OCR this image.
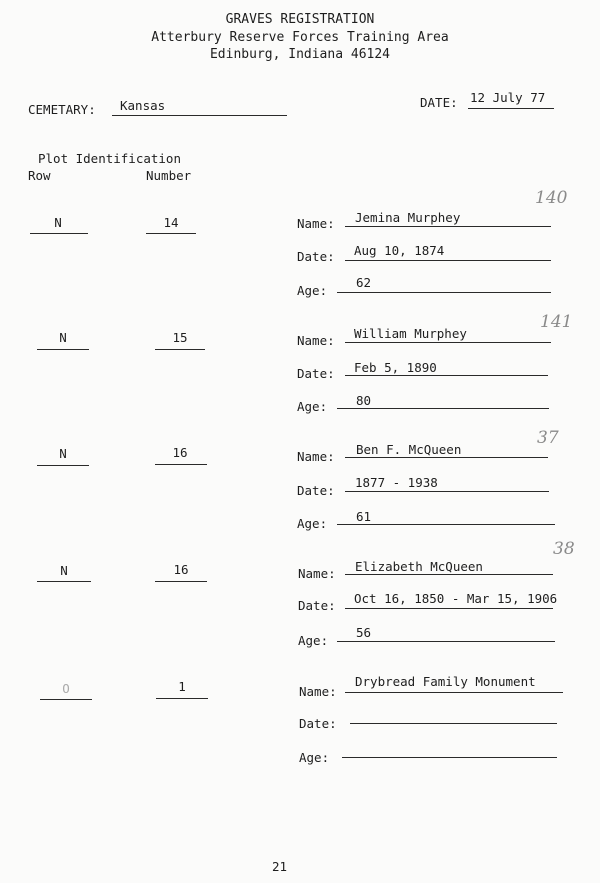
GRAVES REGISTRATION
Atterbury Reserve Forces Training Area
Edinburg, Indiana 46124
CEMETARY: Kansas	DATE: 12 July 77
Plot Identification
Row	Number
N	14	Name: Jemina Murphey
Date: Aug 10, 1874
Age:
62
140
N	15	Name: William Murphey
Date: Feb 5, 1890
Age: 80
141
N	16	Name: Ben F. McQueen
Date:
1877 - 1938
Age: 61
37
N	16	Name: Elizabeth McQueen
Date: Oct 16, 1850 - Mar 15, 1906
Age:
56
38
O	1	Name:
Drybread Family Monument
Date:
Age:
21
